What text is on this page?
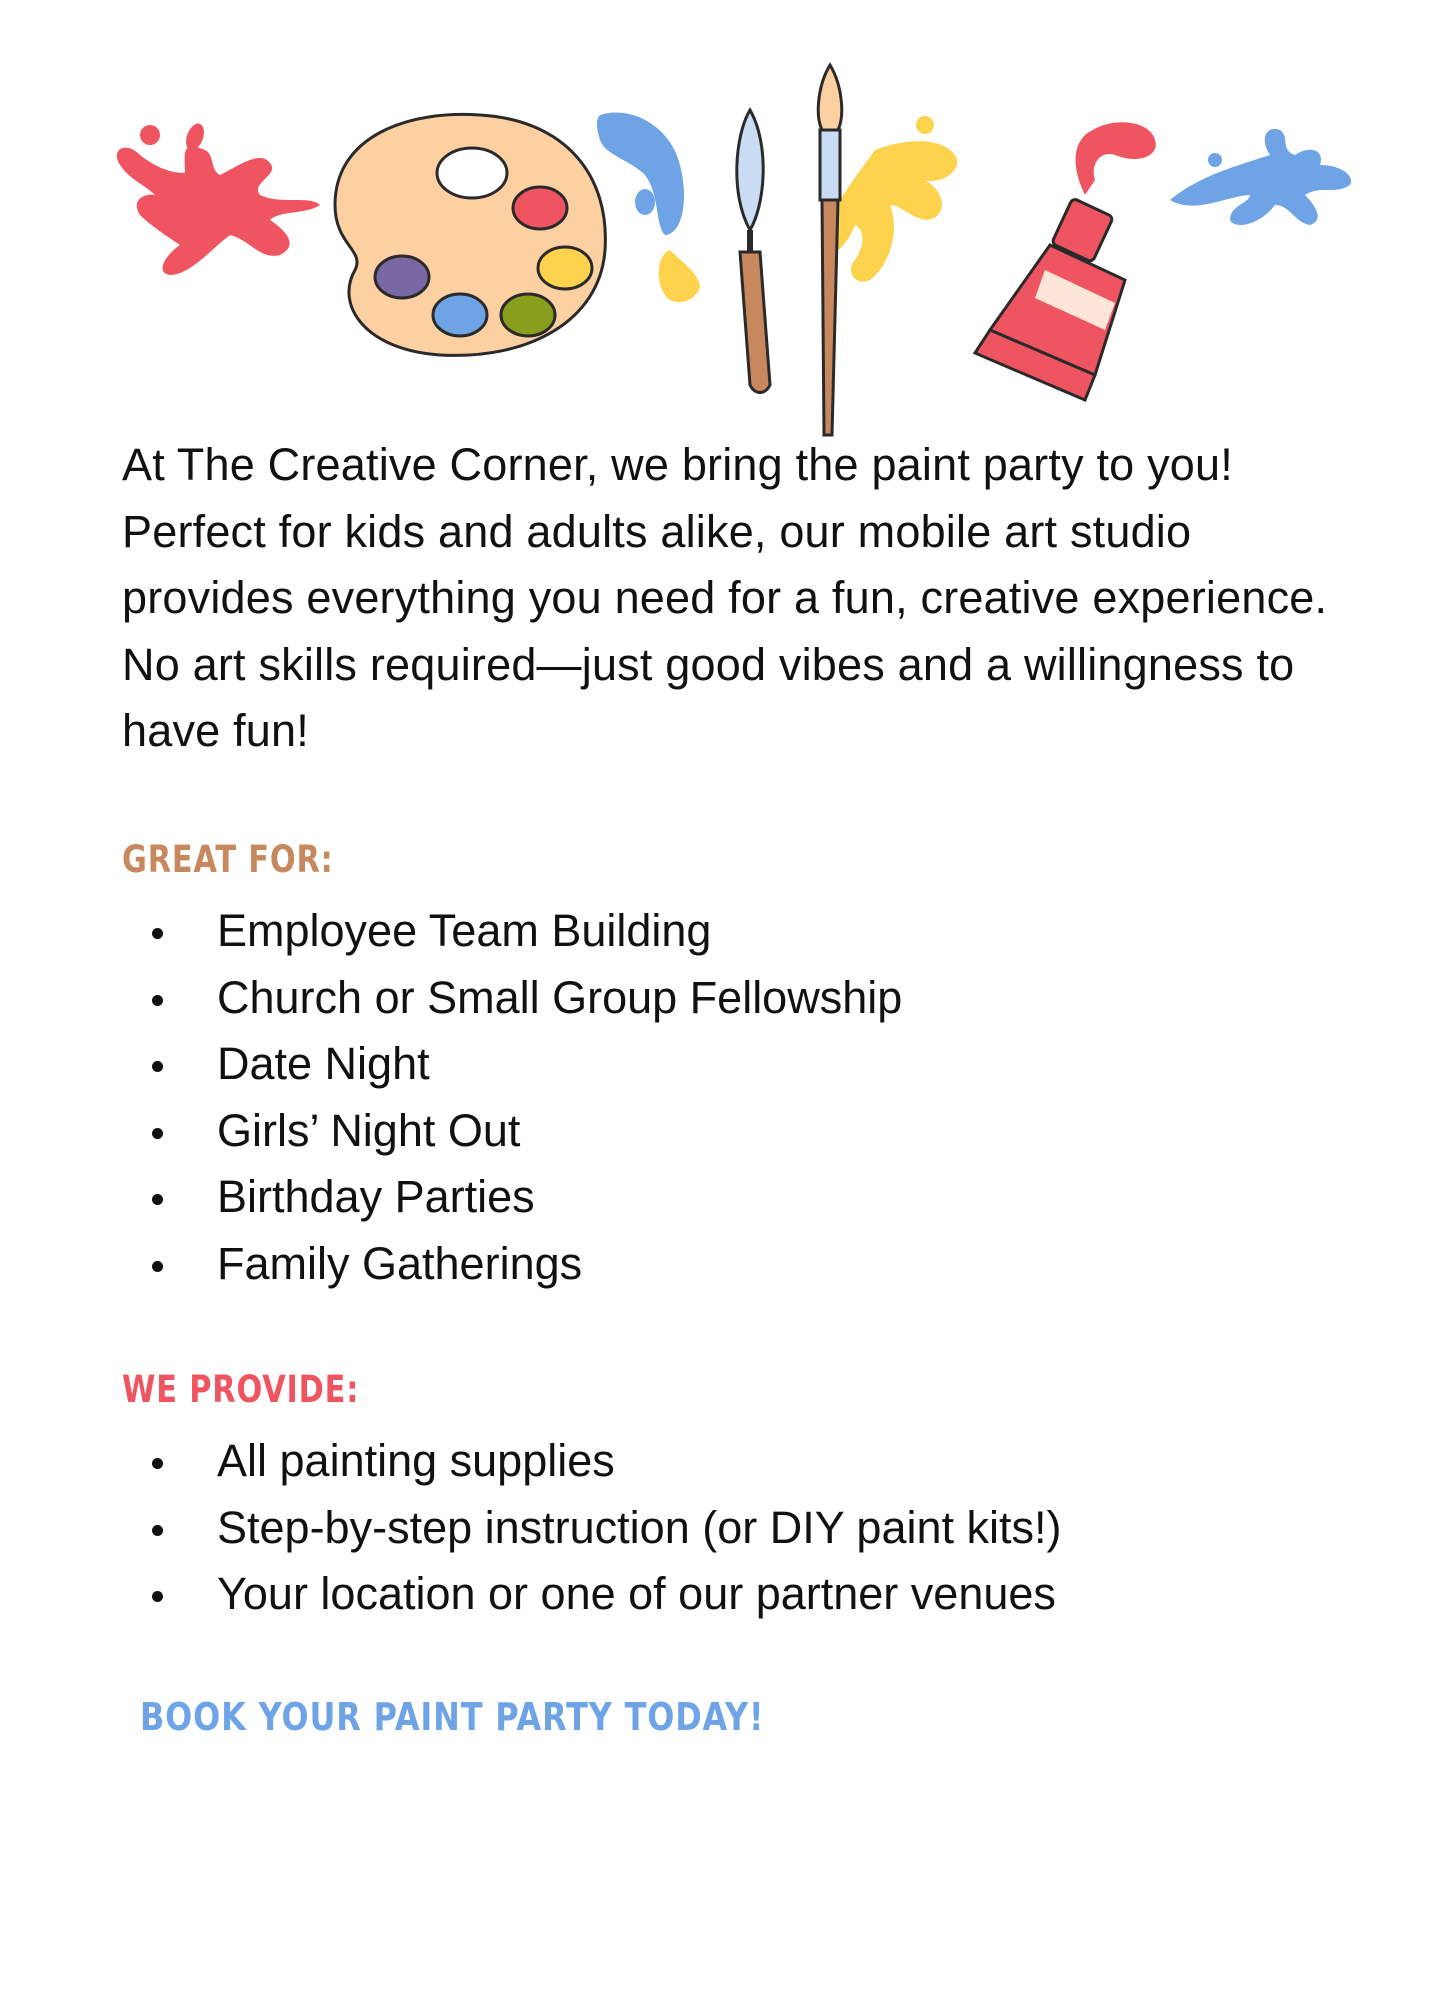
At The Creative Corner, we bring the paint party to you! Perfect for kids and adults alike, our mobile art studio provides everything you need for a fun, creative experience. No art skills required—just good vibes and a willingness to have fun!

GREAT FOR:
Employee Team Building
Church or Small Group Fellowship
Date Night
Girls’ Night Out
Birthday Parties
Family Gatherings
WE PROVIDE:
All painting supplies
Step-by-step instruction (or DIY paint kits!)
Your location or one of our partner venues
BOOK YOUR PAINT PARTY TODAY!
